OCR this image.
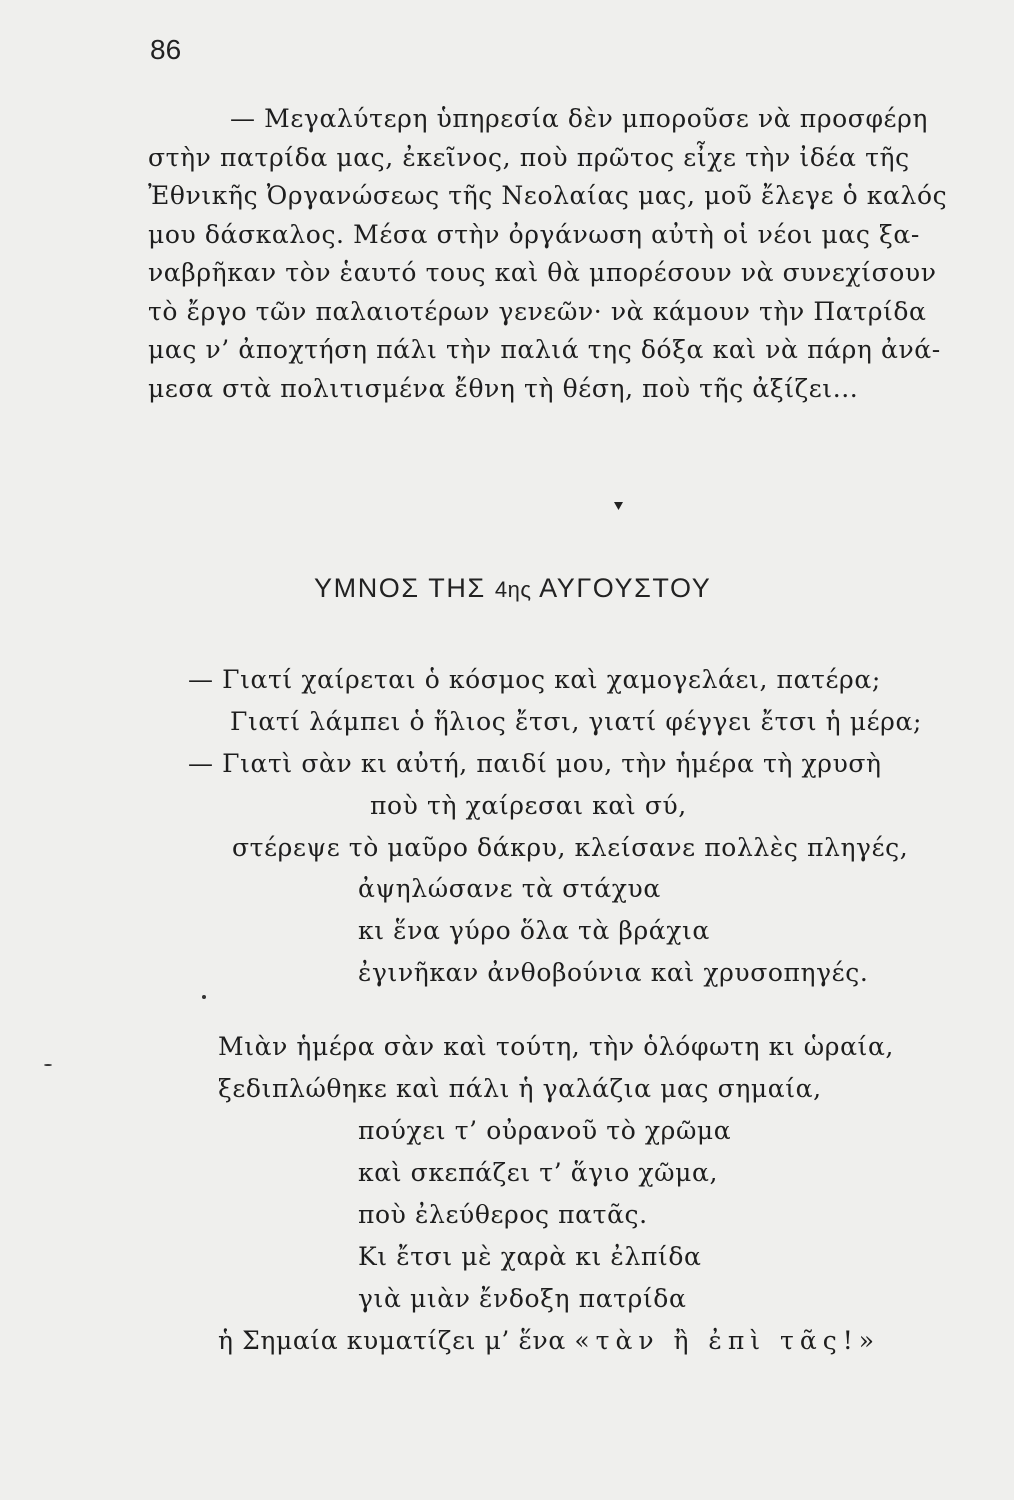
86
— Μεγαλύτερη ὑπηρεσία δὲν μποροῦσε νὰ προσφέρη
στὴν πατρίδα μας, ἐκεῖνος, ποὺ πρῶτος εἶχε τὴν ἰδέα τῆς
Ἐθνικῆς Ὀργανώσεως τῆς Νεολαίας μας, μοῦ ἔλεγε ὁ καλός
μου δάσκαλος. Μέσα στὴν ὀργάνωση αὐτὴ οἱ νέοι μας ξα-
ναβρῆκαν τὸν ἑαυτό τους καὶ θὰ μπορέσουν νὰ συνεχίσουν
τὸ ἔργο τῶν παλαιοτέρων γενεῶν· νὰ κάμουν τὴν Πατρίδα
μας ν’ ἀποχτήση πάλι τὴν παλιά της δόξα καὶ νὰ πάρη ἀνά-
μεσα στὰ πολιτισμένα ἔθνη τὴ θέση, ποὺ τῆς ἀξίζει...
ΥΜΝΟΣ ΤΗΣ 4ης ΑΥΓΟΥΣΤΟΥ
— Γιατί χαίρεται ὁ κόσμος καὶ χαμογελάει, πατέρα;
Γιατί λάμπει ὁ ἥλιος ἔτσι, γιατί φέγγει ἔτσι ἡ μέρα;
— Γιατὶ σὰν κι αὐτή, παιδί μου, τὴν ἡμέρα τὴ χρυσὴ
ποὺ τὴ χαίρεσαι καὶ σύ,
στέρεψε τὸ μαῦρο δάκρυ, κλείσανε πολλὲς πληγές,
ἀψηλώσανε τὰ στάχυα
κι ἕνα γύρο ὅλα τὰ βράχια
ἐγινῆκαν ἀνθοβούνια καὶ χρυσοπηγές.
Μιὰν ἡμέρα σὰν καὶ τούτη, τὴν ὁλόφωτη κι ὡραία,
ξεδιπλώθηκε καὶ πάλι ἡ γαλάζια μας σημαία,
πούχει τ’ οὐρανοῦ τὸ χρῶμα
καὶ σκεπάζει τ’ ἅγιο χῶμα,
ποὺ ἐλεύθερος πατᾶς.
Κι ἔτσι μὲ χαρὰ κι ἐλπίδα
γιὰ μιὰν ἔνδοξη πατρίδα
ἡ Σημαία κυματίζει μ’ ἕνα «τὰν ἢ ἐπὶ τᾶς!»
